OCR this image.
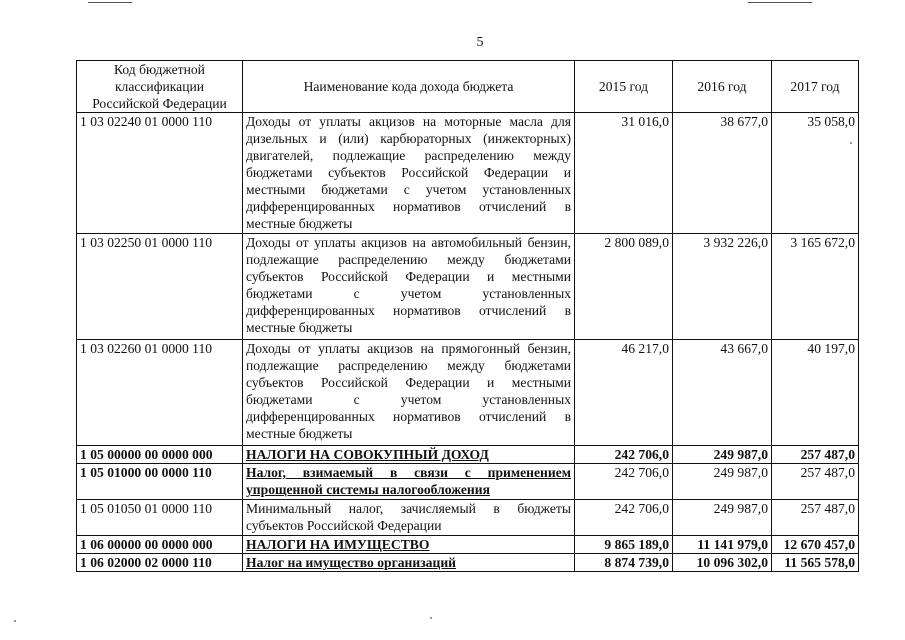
5
Код бюджетной классификации Российской Федерации	Наименование кода дохода бюджета	2015 год	2016 год	2017 год
1 03 02240 01 0000 110	Доходы от уплаты акцизов на моторные масла для дизельных и (или) карбюраторных (инжекторных) двигателей, подлежащие распределению между бюджетами субъектов Российской Федерации и местными бюджетами с учетом установленных дифференцированных нормативов отчислений в местные бюджеты	31 016,0	38 677,0	35 058,0
1 03 02250 01 0000 110	Доходы от уплаты акцизов на автомобильный бензин, подлежащие распределению между бюджетами субъектов Российской Федерации и местными бюджетами с учетом установленных дифференцированных нормативов отчислений в местные бюджеты	2 800 089,0	3 932 226,0	3 165 672,0
1 03 02260 01 0000 110	Доходы от уплаты акцизов на прямогонный бензин, подлежащие распределению между бюджетами субъектов Российской Федерации и местными бюджетами с учетом установленных дифференцированных нормативов отчислений в местные бюджеты	46 217,0	43 667,0	40 197,0
1 05 00000 00 0000 000	НАЛОГИ НА СОВОКУПНЫЙ ДОХОД	242 706,0	249 987,0	257 487,0
1 05 01000 00 0000 110	Налог, взимаемый в связи с применением упрощенной системы налогообложения	242 706,0	249 987,0	257 487,0
1 05 01050 01 0000 110	Минимальный налог, зачисляемый в бюджеты субъектов Российской Федерации	242 706,0	249 987,0	257 487,0
1 06 00000 00 0000 000	НАЛОГИ НА ИМУЩЕСТВО	9 865 189,0	11 141 979,0	12 670 457,0
1 06 02000 02 0000 110	Налог на имущество организаций	8 874 739,0	10 096 302,0	11 565 578,0
